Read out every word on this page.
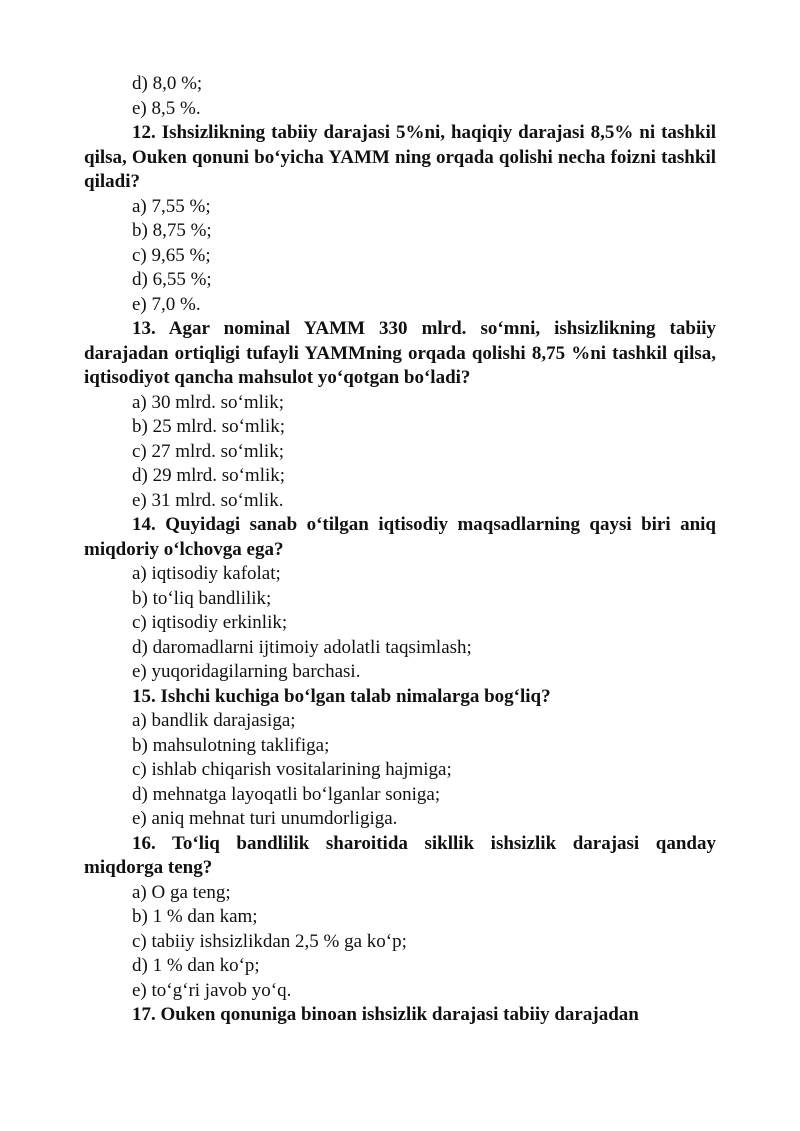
d) 8,0 %;

e) 8,5 %.

12. Ishsizlikning tabiiy darajasi 5%ni, haqiqiy darajasi 8,5% ni tashkil qilsa, Ouken qonuni bo‘yicha YAMM ning orqada qolishi necha foizni tashkil qiladi?

a) 7,55 %;

b) 8,75 %;

c) 9,65 %;

d) 6,55 %;

e) 7,0 %.

13. Agar nominal YAMM 330 mlrd. so‘mni, ishsizlikning tabiiy darajadan ortiqligi tufayli YAMMning orqada qolishi 8,75 %ni tashkil qilsa, iqtisodiyot qancha mahsulot yo‘qotgan bo‘ladi?

a) 30 mlrd. so‘mlik;

b) 25 mlrd. so‘mlik;

c) 27 mlrd. so‘mlik;

d) 29 mlrd. so‘mlik;

e) 31 mlrd. so‘mlik.

14. Quyidagi sanab o‘tilgan iqtisodiy maqsadlarning qaysi biri aniq miqdoriy o‘lchovga ega?

a) iqtisodiy kafolat;

b) to‘liq bandlilik;

c) iqtisodiy erkinlik;

d) daromadlarni ijtimoiy adolatli taqsimlash;

e) yuqoridagilarning barchasi.

15. Ishchi kuchiga bo‘lgan talab nimalarga bog‘liq?

a) bandlik darajasiga;

b) mahsulotning taklifiga;

c) ishlab chiqarish vositalarining hajmiga;

d) mehnatga layoqatli bo‘lganlar soniga;

e) aniq mehnat turi unumdorligiga.

16. To‘liq bandlilik sharoitida sikllik ishsizlik darajasi qanday miqdorga teng?

a) O ga teng;

b) 1 % dan kam;

c) tabiiy ishsizlikdan 2,5 % ga ko‘p;

d) 1 % dan ko‘p;

e) to‘g‘ri javob yo‘q.

17. Ouken qonuniga binoan ishsizlik darajasi tabiiy darajadan
